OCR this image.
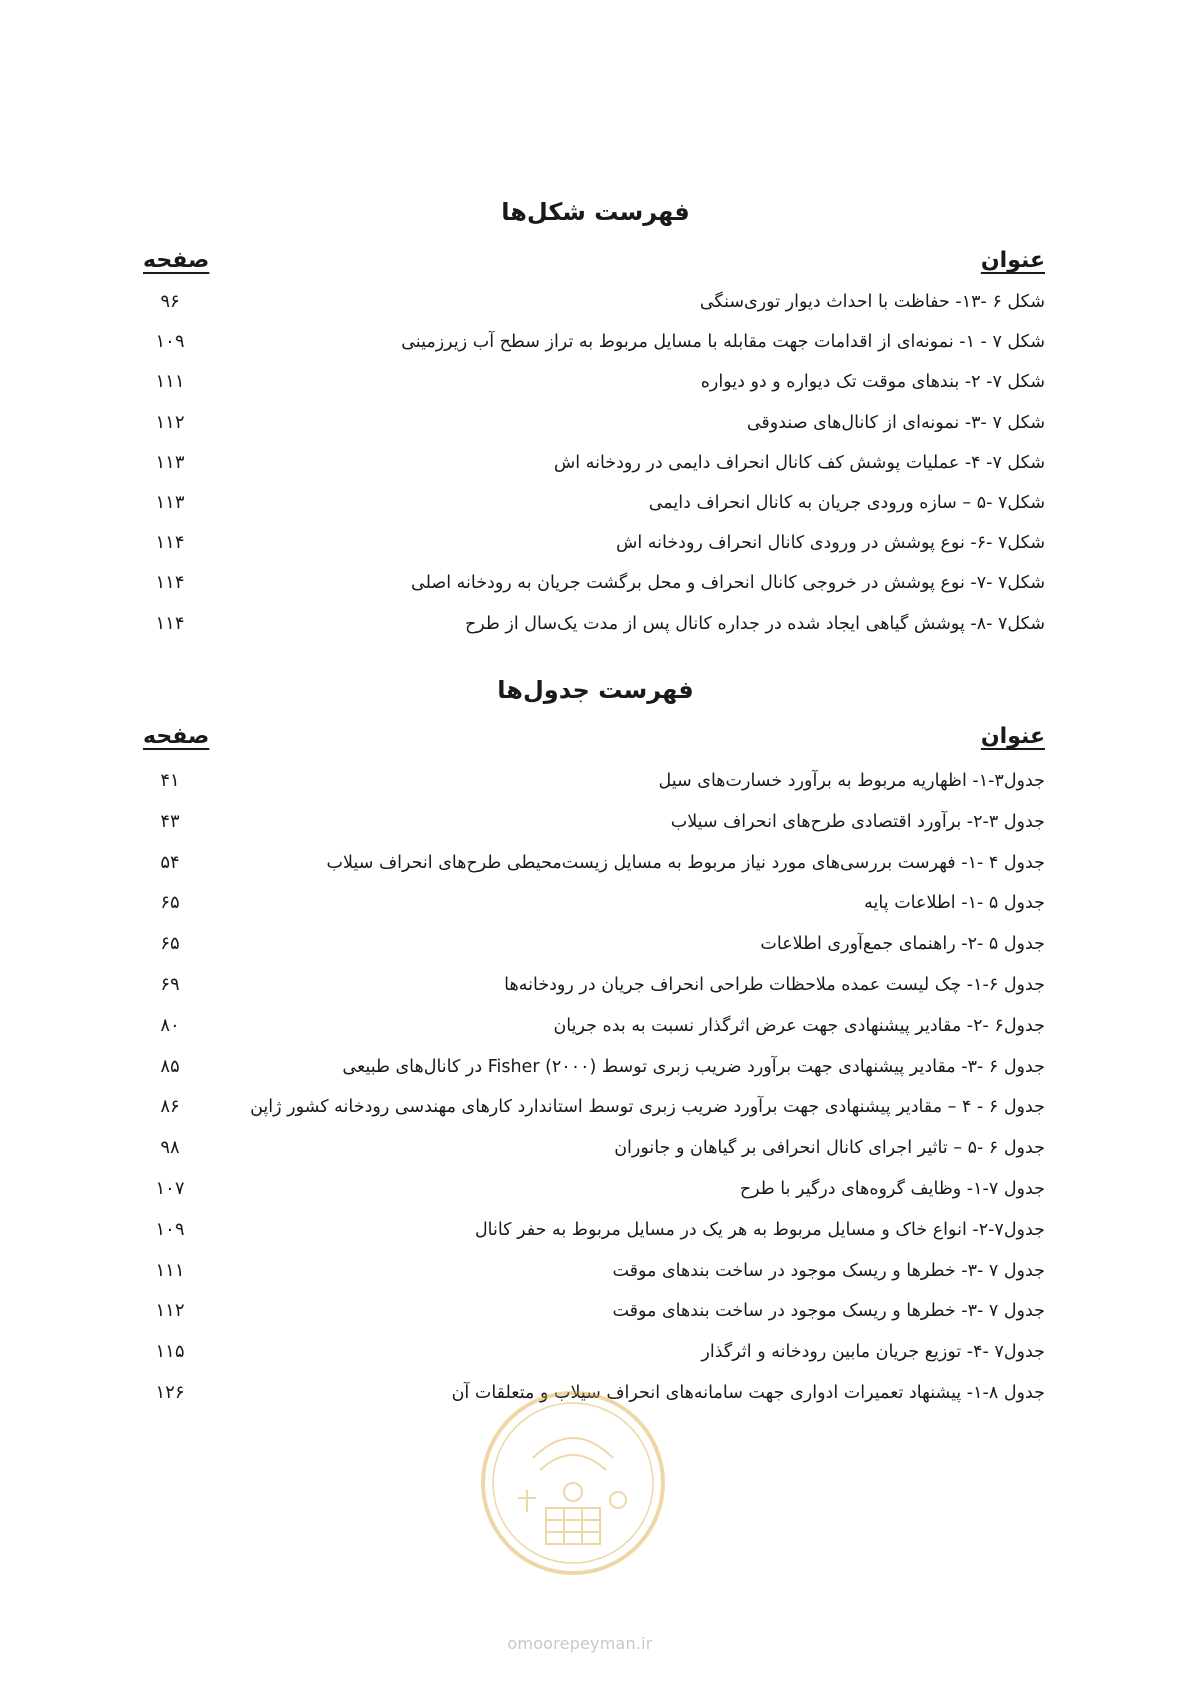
فهرست شکل‌ها
عنوان
صفحه
شکل ۶ -۱۳- حفاظت با احداث دیوار توری‌سنگی
۹۶
شکل ۷ - ۱- نمونه‌ای از اقدامات جهت مقابله با مسایل مربوط به تراز سطح آب زیرزمینی
۱۰۹
شکل ۷- ۲- بندهای موقت تک دیواره و دو دیواره
۱۱۱
شکل ۷ -۳- نمونه‌ای از کانال‌های صندوقی
۱۱۲
شکل ۷- ۴- عملیات پوشش کف کانال انحراف دایمی در رودخانه اش
۱۱۳
شکل۷ -۵ – سازه ورودی جریان به کانال انحراف دایمی
۱۱۳
شکل۷ -۶- نوع پوشش در ورودی کانال انحراف رودخانه اش
۱۱۴
شکل۷ -۷- نوع پوشش در خروجی کانال انحراف و محل برگشت جریان به رودخانه اصلی
۱۱۴
شکل۷ -۸- پوشش گیاهی ایجاد شده در جداره کانال پس از مدت یک‌سال از طرح
۱۱۴
فهرست جدول‌ها
عنوان
صفحه
جدول۳-۱- اظهاریه مربوط به برآورد خسارت‌های سیل
۴۱
جدول ۳-۲- برآورد اقتصادی طرح‌های انحراف سیلاب
۴۳
جدول ۴ -۱- فهرست بررسی‌های مورد نیاز مربوط به مسایل زیست‌محیطی طرح‌های انحراف سیلاب
۵۴
جدول ۵ -۱- اطلاعات پایه
۶۵
جدول ۵ -۲- راهنمای جمع‌آوری اطلاعات
۶۵
جدول ۶-۱- چک لیست عمده ملاحظات طراحی انحراف جریان در رودخانه‌ها
۶۹
جدول۶ -۲- مقادیر پیشنهادی جهت عرض اثرگذار نسبت به بده جریان
۸۰
جدول ۶ -۳- مقادیر پیشنهادی جهت برآورد ضریب زبری توسط (۲۰۰۰) Fisher در کانال‌های طبیعی
۸۵
جدول ۶ - ۴ – مقادیر پیشنهادی جهت برآورد ضریب زبری توسط استاندارد کارهای مهندسی رودخانه کشور ژاپن
۸۶
جدول ۶ -۵ – تاثیر اجرای کانال انحرافی بر گیاهان و جانوران
۹۸
جدول ۷-۱- وظایف گروه‌های درگیر با طرح
۱۰۷
جدول۷-۲- انواع خاک و مسایل مربوط به هر یک در مسایل مربوط به حفر کانال
۱۰۹
جدول ۷ -۳- خطرها و ریسک موجود در ساخت بندهای موقت
۱۱۱
جدول ۷ -۳- خطرها و ریسک موجود در ساخت بندهای موقت
۱۱۲
جدول۷ -۴- توزیع جریان مابین رودخانه و اثرگذار
۱۱۵
جدول ۸-۱- پیشنهاد تعمیرات ادواری جهت سامانه‌های انحراف سیلاب و متعلقات آن
۱۲۶
omoorepeyman.ir
